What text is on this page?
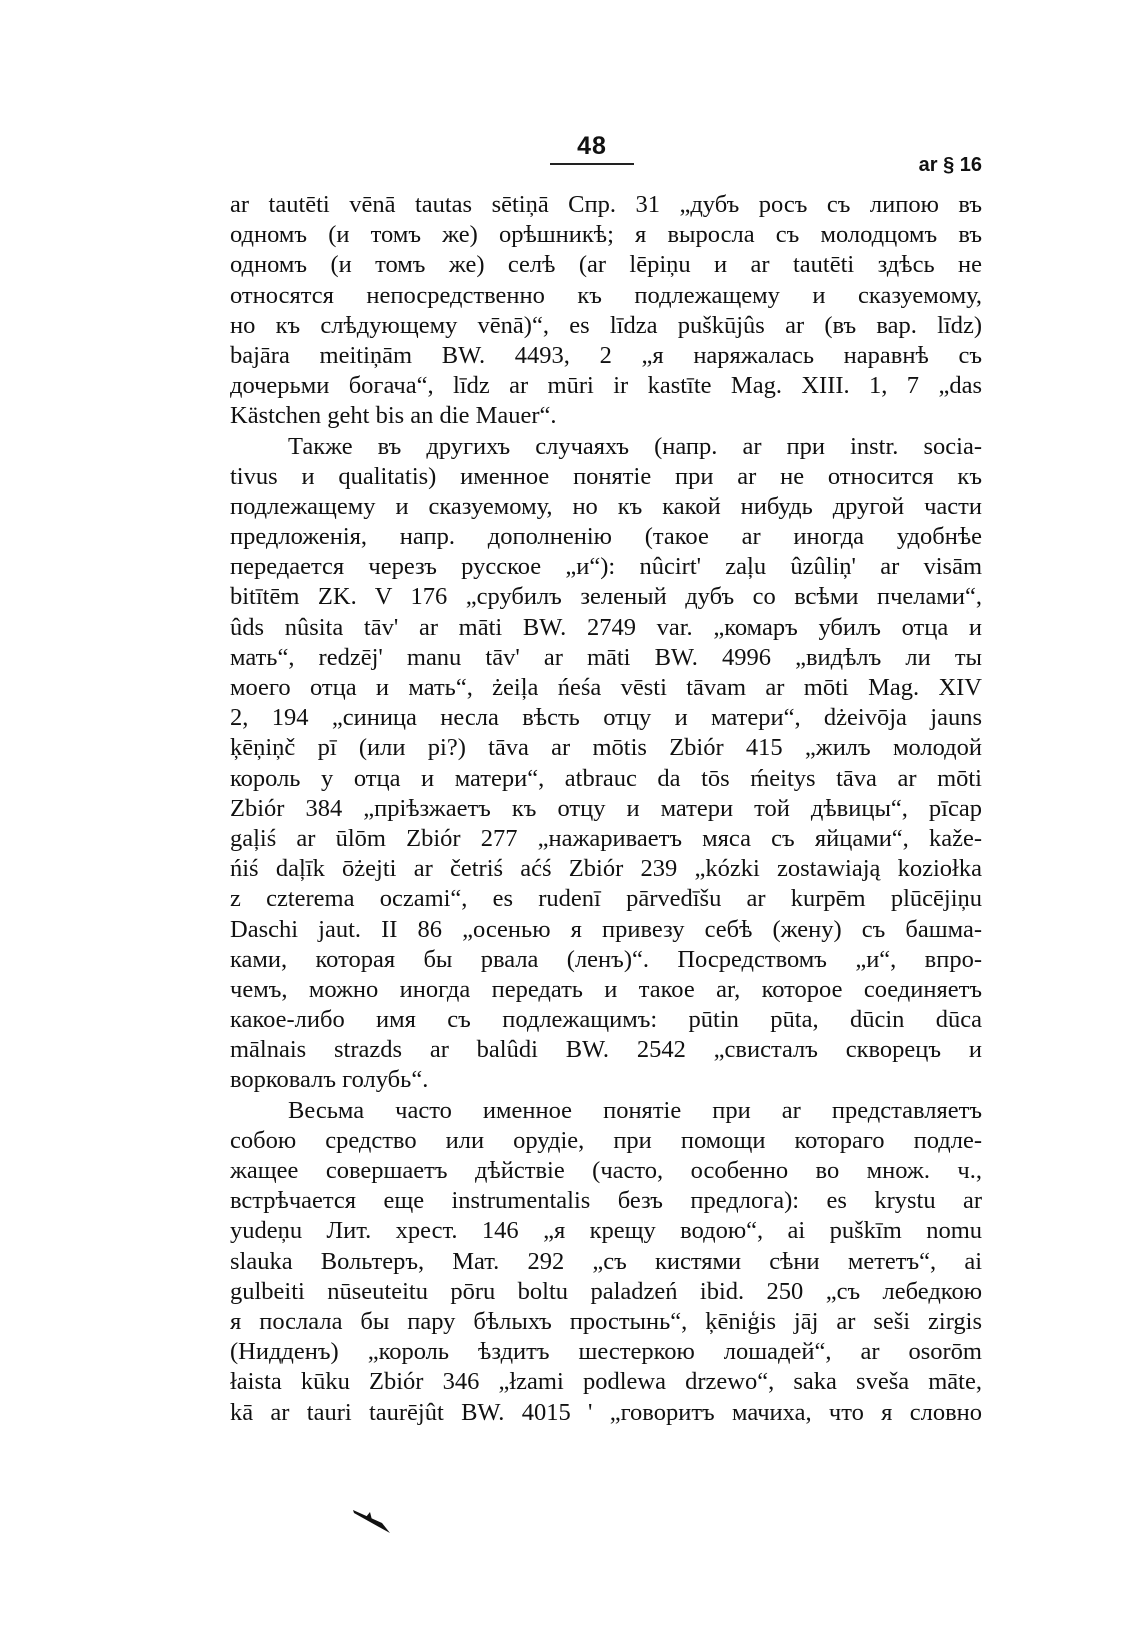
48
ar § 16
ar tautēti vēnā tautas sētiņā Спр. 31 „дубъ росъ съ липою въ
одномъ (и томъ же) орѣшникѣ; я выросла съ молодцомъ въ
одномъ (и томъ же) селѣ (ar lēpiņu и ar tautēti здѣсь не
относятся непосредственно къ подлежащему и сказуемому,
но къ слѣдующему vēnā)“, es līdza puškūjûs ar (въ вар. līdz)
bajāra meitiņām BW. 4493, 2 „я наряжалась наравнѣ съ
дочерьми богача“, līdz ar mūri ir kastīte Mag. XIII. 1, 7 „das
Kästchen geht bis an die Mauer“.
Также въ другихъ случаяхъ (напр. ar при instr. socia-
tivus и qualitatis) именное понятіе при ar не относится къ
подлежащему и сказуемому, но къ какой нибудь другой части
предложенія, напр. дополненію (такое ar иногда удобнѣе
передается черезъ русское „и“): nûcirt' zaļu ûzûliņ' ar visām
bitītēm ZK. V 176 „срубилъ зеленый дубъ со всѣми пчелами“,
ûds nûsita tāv' ar māti BW. 2749 var. „комаръ убилъ отца и
мать“, redzēj' manu tāv' ar māti BW. 4996 „видѣлъ ли ты
моего отца и мать“, żeiļa ńeśa vēsti tāvam ar mōti Mag. XIV
2, 194 „синица несла вѣсть отцу и матери“, dżeivōja jauns
ķēņiņč pī (или pi?) tāva ar mōtis Zbiór 415 „жилъ молодой
король у отца и матери“, atbrauc da tōs ḿeitys tāva ar mōti
Zbiór 384 „пріѣзжаетъ къ отцу и матери той дѣвицы“, pīcap
gaļiś ar ūlōm Zbiór 277 „нажариваетъ мяса съ яйцами“, kaže-
ńiś daļīk ōżejti ar četriś aćś Zbiór 239 „kózki zostawiają koziołka
z czterema oczami“, es rudenī pārvedīšu ar kurpēm plūcējiņu
Daschi jaut. II 86 „осенью я привезу себѣ (жену) съ башма-
ками, которая бы рвала (ленъ)“. Посредствомъ „и“, впро-
чемъ, можно иногда передать и такое ar, которое соединяетъ
какое-либо имя съ подлежащимъ: pūtin pūta, dūcin dūca
mālnais strazds ar balûdi BW. 2542 „свисталъ скворецъ и
ворковалъ голубь“.
Весьма часто именное понятіе при ar представляетъ
собою средство или орудіе, при помощи котораго подле-
жащее совершаетъ дѣйствіе (часто, особенно во множ. ч.,
встрѣчается еще instrumentalis безъ предлога): es krystu ar
yudeņu Лит. хрест. 146 „я крещу водою“, ai puškīm nomu
slauka Вольтеръ, Мат. 292 „съ кистями сѣни мететъ“, ai
gulbeiti nūseuteitu pōru boltu paladzeń ibid. 250 „съ лебедкою
я послала бы пару бѣлыхъ простынь“, ķēniģis jāj ar seši zirgis
(Нидденъ) „король ѣздитъ шестеркою лошадей“, ar osorōm
łaista kūku Zbiór 346 „łzami podlewa drzewo“, saka sveša māte,
kā ar tauri taurējût BW. 4015 ' „говоритъ мачиха, что я словно
